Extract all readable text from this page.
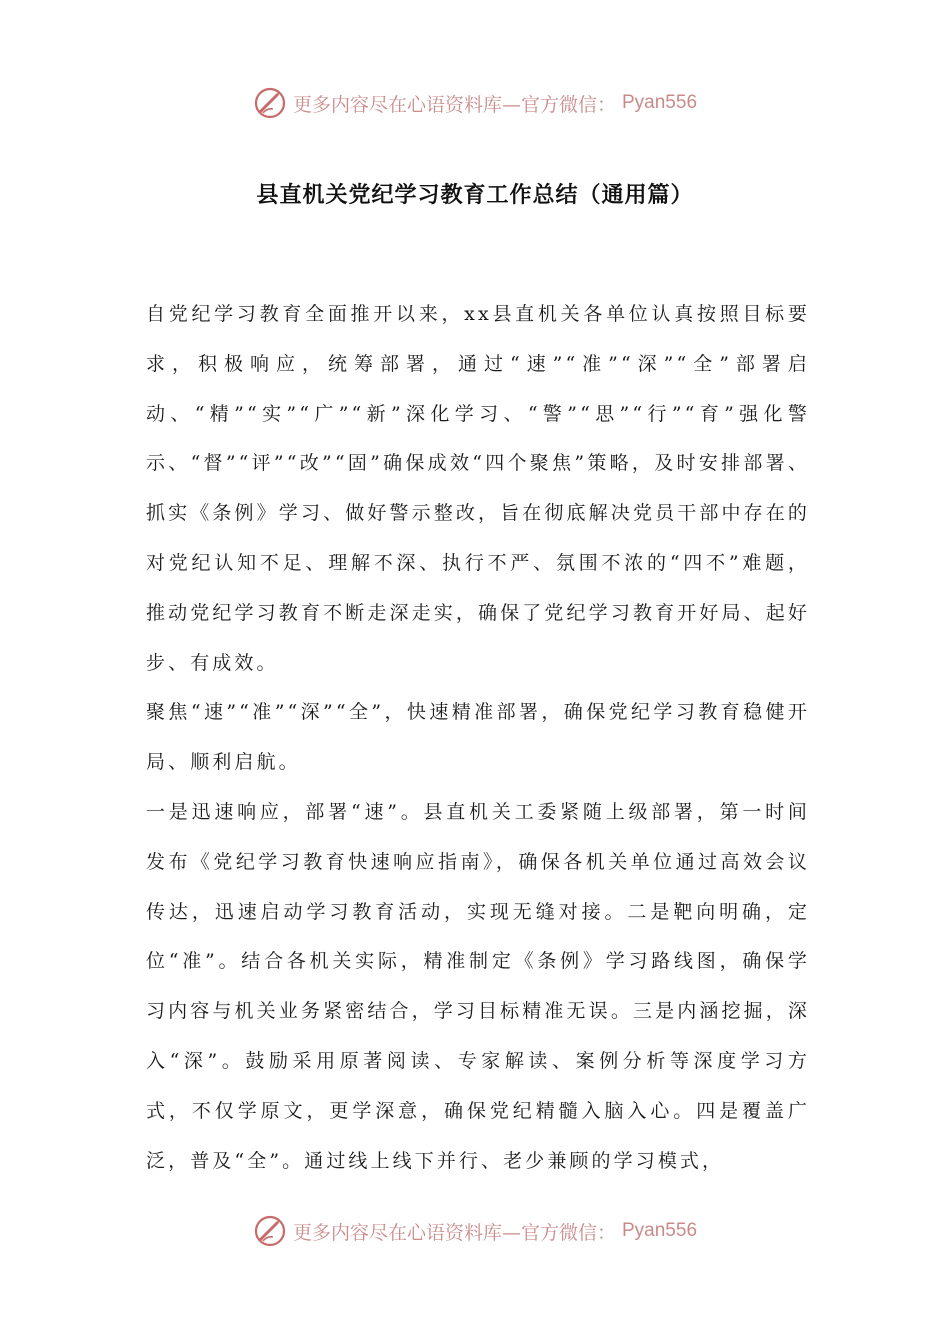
更多内容尽在心语资料库—官方微信： Pyan556
县直机关党纪学习教育工作总结（通用篇）

自党纪学习教育全面推开以来，xx县直机关各单位认真按照目标要求，积极响应，统筹部署，通过“速”“准”“深”“全”部署启动、“精”“实”“广”“新”深化学习、“警”“思”“行”“育”强化警示、“督”“评”“改”“固”确保成效“四个聚焦”策略，及时安排部署、抓实《条例》学习、做好警示整改，旨在彻底解决党员干部中存在的对党纪认知不足、理解不深、执行不严、氛围不浓的“四不”难题，推动党纪学习教育不断走深走实，确保了党纪学习教育开好局、起好步、有成效。

聚焦“速”“准”“深”“全”，快速精准部署，确保党纪学习教育稳健开局、顺利启航。

一是迅速响应，部署“速”。县直机关工委紧随上级部署，第一时间发布《党纪学习教育快速响应指南》，确保各机关单位通过高效会议传达，迅速启动学习教育活动，实现无缝对接。二是靶向明确，定位“准”。结合各机关实际，精准制定《条例》学习路线图，确保学习内容与机关业务紧密结合，学习目标精准无误。三是内涵挖掘，深入“深”。鼓励采用原著阅读、专家解读、案例分析等深度学习方式，不仅学原文，更学深意，确保党纪精髓入脑入心。四是覆盖广泛，普及“全”。通过线上线下并行、老少兼顾的学习模式，

更多内容尽在心语资料库—官方微信： Pyan556
